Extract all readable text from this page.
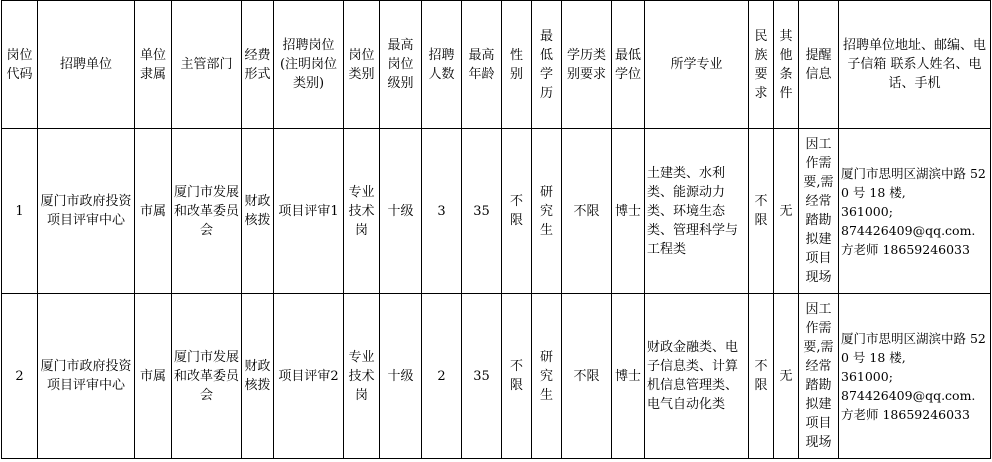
岗位代码	招聘单位	单位隶属	主管部门	经费形式	招聘岗位(注明岗位类别)	岗位类别	最高岗位级别	招聘人数	最高年龄	性别	最低学历	学历类别要求	最低学位	所学专业	民族要求	其他条件	提醒信息	招聘单位地址、邮编、电子信箱 联系人姓名、电话、手机
1	厦门市政府投资项目评审中心	市属	厦门市发展和改革委员会	财政核拨	项目评审1	专业技术岗	十级	3	35	不限	研究生	不限	博士	土建类、水利类、能源动力类、环境生态类、管理科学与工程类	不限	无	因工作需要,需经常踏勘拟建项目现场	厦门市思明区湖滨中路 520 号 18 楼,
361000;
874426409@qq.com.
方老师 18659246033

2	厦门市政府投资项目评审中心	市属	厦门市发展和改革委员会	财政核拨	项目评审2	专业技术岗	十级	2	35	不限	研究生	不限	博士	财政金融类、电子信息类、计算机信息管理类、电气自动化类	不限	无	因工作需要,需经常踏勘拟建项目现场	厦门市思明区湖滨中路 520 号 18 楼,
361000;
874426409@qq.com.
方老师 18659246033
